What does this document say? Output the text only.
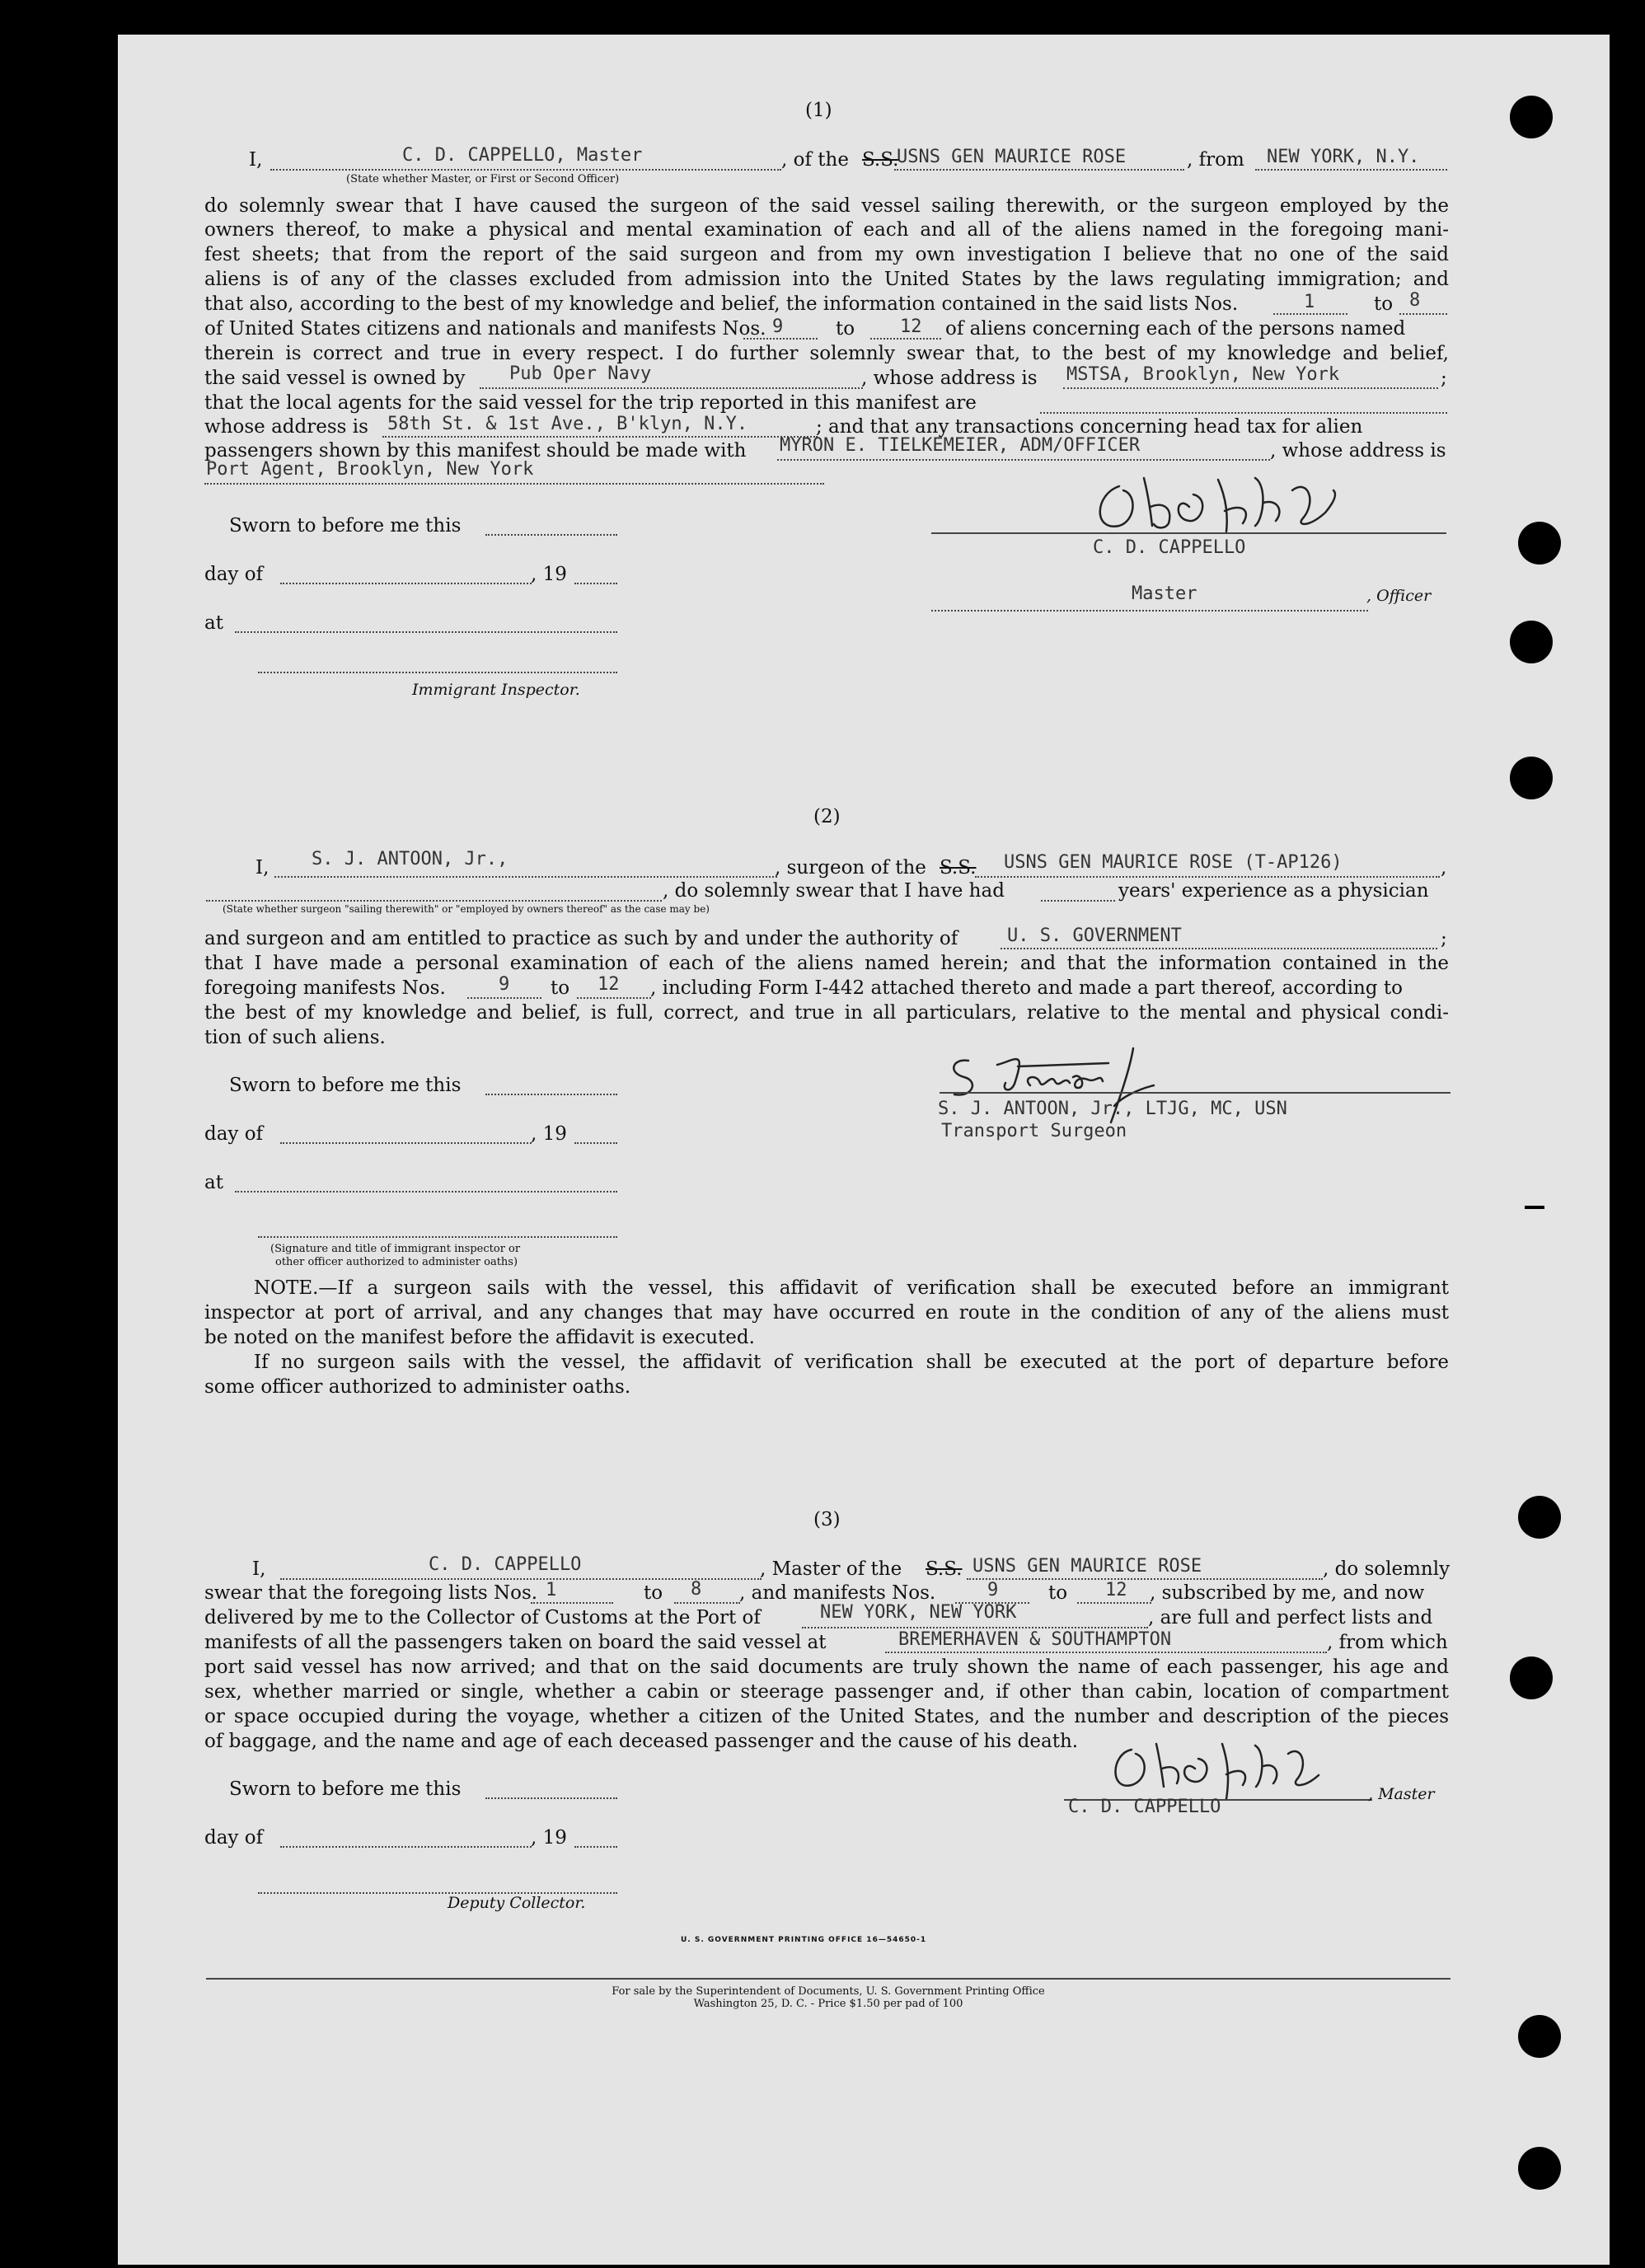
(1)
I,	C. D. CAPPELLO, Master	, of the S.S.
USNS GEN MAURICE ROSE	, from NEW YORK, N.Y.
(State whether Master, or First or Second Officer)
do solemnly swear that I have caused the surgeon of the said vessel sailing therewith, or the surgeon employed by the
owners thereof, to make a physical and mental examination of each and all of the aliens named in the foregoing mani-
fest sheets; that from the report of the said surgeon and from my own investigation I believe that no one of the said
aliens is of any of the classes excluded from admission into the United States by the laws regulating immigration; and
that also, according to the best of my knowledge and belief, the information contained in the said lists Nos.	1	to 8
of United States citizens and nationals and manifests Nos. 9	to 12 of aliens concerning each of the persons named
therein is correct and true in every respect. I do further solemnly swear that, to the best of my knowledge and belief,
the said vessel is owned by Pub Oper Navy	, whose address is MSTSA, Brooklyn, New York	;
that the local agents for the said vessel for the trip reported in this manifest are
whose address is 58th St. & 1st Ave., B'klyn, N.Y.	; and that any transactions concerning head tax for alien
passengers shown by this manifest should be made with MYRON E. TIELKEMEIER, ADM/OFFICER	, whose address is
Port Agent, Brooklyn, New York
Sworn to before me this
day of	, 19
at
Immigrant Inspector.
C. D. CAPPELLO
Master	, Officer
(2)
I, S. J. ANTOON, Jr.,	, surgeon of the S.S. USNS GEN MAURICE ROSE (T-AP126)	,
, do solemnly swear that I have had	years' experience as a physician
(State whether surgeon "sailing therewith" or "employed by owners thereof" as the case may be)
and surgeon and am entitled to practice as such by and under the authority of	U. S. GOVERNMENT	;
that I have made a personal examination of each of the aliens named herein; and that the information contained in the
foregoing manifests Nos.	9 to 12 , including Form I-442 attached thereto and made a part thereof, according to
the best of my knowledge and belief, is full, correct, and true in all particulars, relative to the mental and physical condi-
tion of such aliens.
Sworn to before me this
day of	, 19
at
(Signature and title of immigrant inspector or
other officer authorized to administer oaths)
S. J. ANTOON, Jr., LTJG, MC, USN
Transport Surgeon
NOTE.—If a surgeon sails with the vessel, this affidavit of verification shall be executed before an immigrant
inspector at port of arrival, and any changes that may have occurred en route in the condition of any of the aliens must
be noted on the manifest before the affidavit is executed.
If no surgeon sails with the vessel, the affidavit of verification shall be executed at the port of departure before
some officer authorized to administer oaths.
(3)
I,	C. D. CAPPELLO	, Master of the S.S. USNS GEN MAURICE ROSE	, do solemnly
swear that the foregoing lists Nos. 1	to 8 , and manifests Nos.	9	to 12 , subscribed by me, and now
delivered by me to the Collector of Customs at the Port of	NEW YORK, NEW YORK	, are full and perfect lists and
manifests of all the passengers taken on board the said vessel at	BREMERHAVEN & SOUTHAMPTON	, from which
port said vessel has now arrived; and that on the said documents are truly shown the name of each passenger, his age and
sex, whether married or single, whether a cabin or steerage passenger and, if other than cabin, location of compartment
or space occupied during the voyage, whether a citizen of the United States, and the number and description of the pieces
of baggage, and the name and age of each deceased passenger and the cause of his death.
Sworn to before me this
day of	, 19
Deputy Collector.
C. D. CAPPELLO
, Master
U. S. GOVERNMENT PRINTING OFFICE 16—54650-1
For sale by the Superintendent of Documents, U. S. Government Printing Office
Washington 25, D. C. - Price $1.50 per pad of 100
